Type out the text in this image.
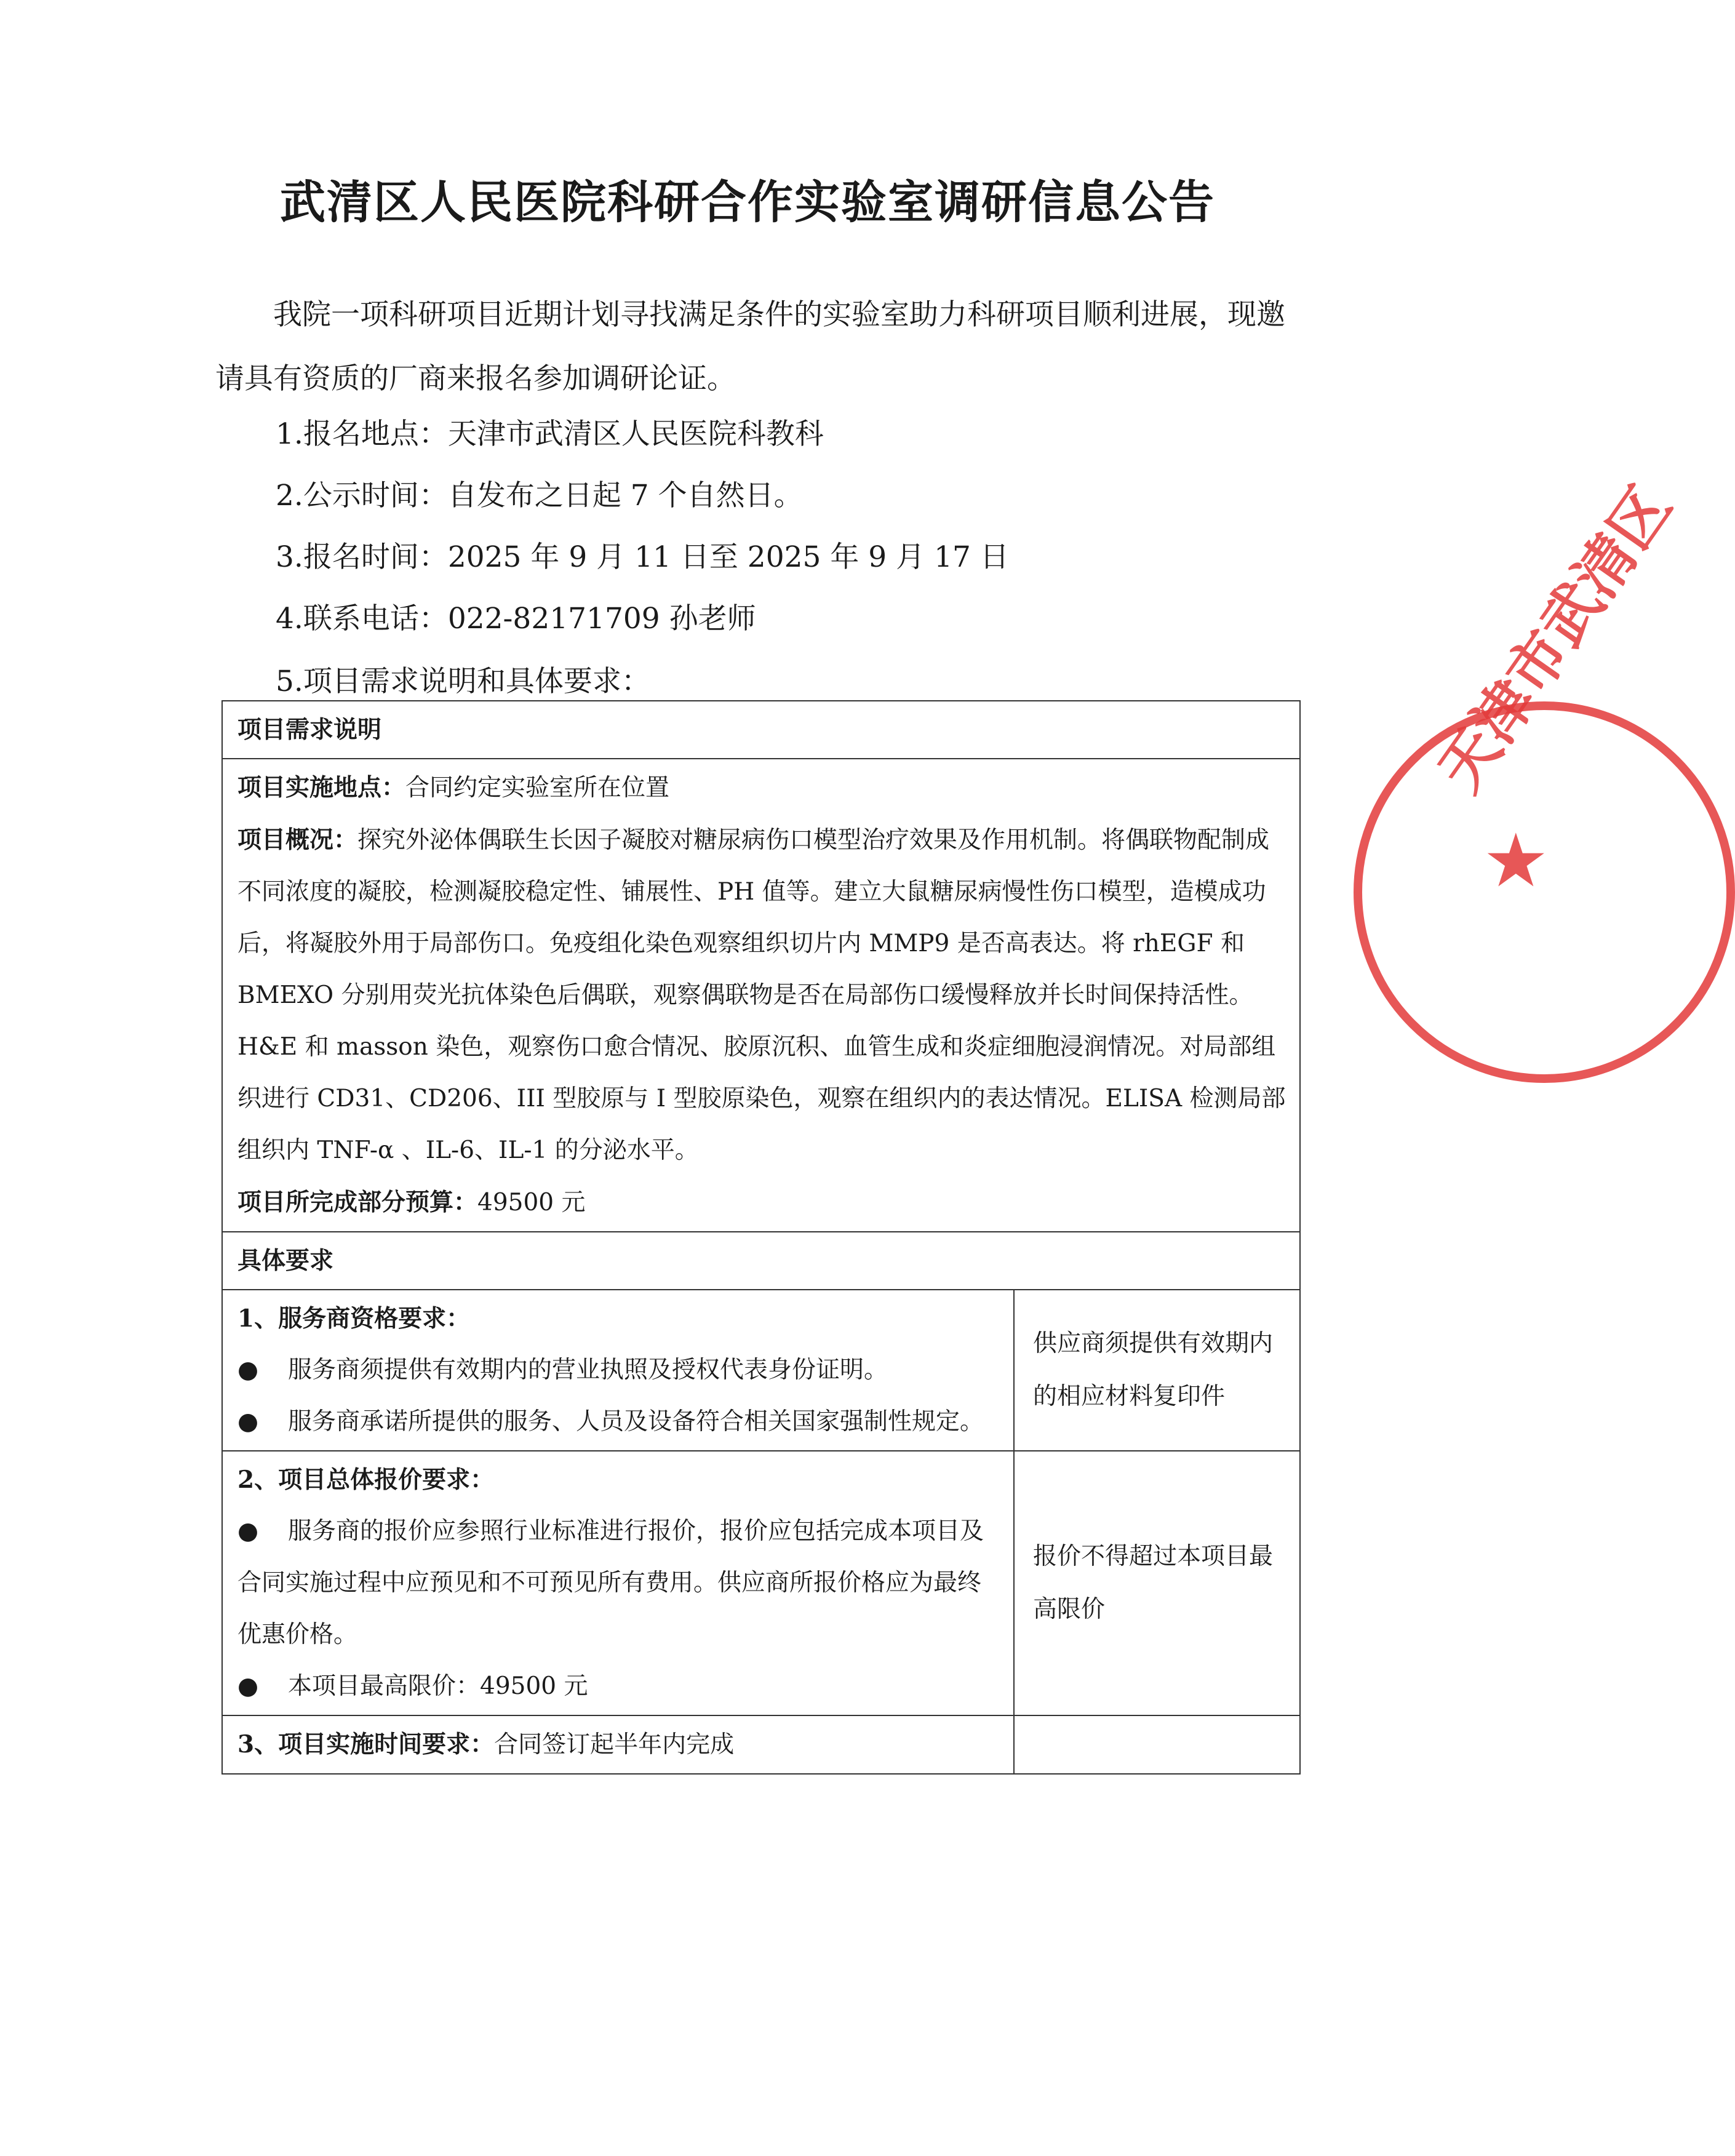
武清区人民医院科研合作实验室调研信息公告

我院一项科研项目近期计划寻找满足条件的实验室助力科研项目顺利进展，现邀请具有资质的厂商来报名参加调研论证。

1.报名地点：天津市武清区人民医院科教科
2.公示时间：自发布之日起 7 个自然日。
3.报名时间：2025 年 9 月 11 日至 2025 年 9 月 17 日
4.联系电话：022-82171709 孙老师
5.项目需求说明和具体要求：
项目需求说明	

项目实施地点：合同约定实验室所在位置
项目概况：探究外泌体偶联生长因子凝胶对糖尿病伤口模型治疗效果及作用机制。将偶联物配制成不同浓度的凝胶，检测凝胶稳定性、铺展性、PH 值等。建立大鼠糖尿病慢性伤口模型，造模成功后，将凝胶外用于局部伤口。免疫组化染色观察组织切片内 MMP9 是否高表达。将 rhEGF 和 BMEXO 分别用荧光抗体染色后偶联，观察偶联物是否在局部伤口缓慢释放并长时间保持活性。H&E 和 masson 染色，观察伤口愈合情况、胶原沉积、血管生成和炎症细胞浸润情况。对局部组织进行 CD31、CD206、III 型胶原与 I 型胶原染色，观察在组织内的表达情况。ELISA 检测局部组织内 TNF-α 、IL-6、IL-1 的分泌水平。
项目所完成部分预算：49500 元	

具体要求	

1、服务商资格要求：
● 服务商须提供有效期内的营业执照及授权代表身份证明。
● 服务商承诺所提供的服务、人员及设备符合相关国家强制性规定。	供应商须提供有效期内的相应材料复印件

2、项目总体报价要求：
● 服务商的报价应参照行业标准进行报价，报价应包括完成本项目及合同实施过程中应预见和不可预见所有费用。供应商所报价格应为最终优惠价格。
● 本项目最高限价：49500 元	报价不得超过本项目最高限价
3、项目实施时间要求：合同签订起半年内完成	
天津市武清区
★
